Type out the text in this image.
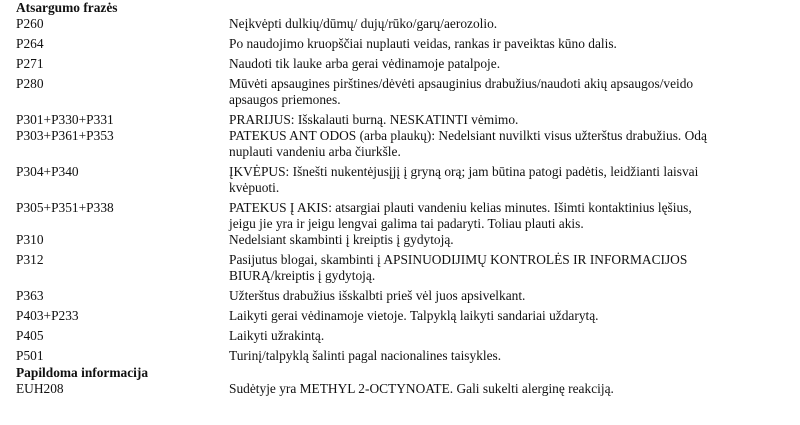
Atsargumo frazės
P260	Neįkvėpti dulkių/dūmų/ dujų/rūko/garų/aerozolio.
P264	Po naudojimo kruopščiai nuplauti veidas, rankas ir paveiktas kūno dalis.
P271	Naudoti tik lauke arba gerai vėdinamoje patalpoje.
P280	Mūvėti apsaugines pirštines/dėvėti apsauginius drabužius/naudoti akių apsaugos/veido
apsaugos priemones.
P301+P330+P331	PRARIJUS: Išskalauti burną. NESKATINTI vėmimo.
P303+P361+P353	PATEKUS ANT ODOS (arba plaukų): Nedelsiant nuvilkti visus užterštus drabužius. Odą
nuplauti vandeniu arba čiurkšle.
P304+P340	ĮKVĖPUS: Išnešti nukentėjusįjį į gryną orą; jam būtina patogi padėtis, leidžianti laisvai
kvėpuoti.
P305+P351+P338	PATEKUS Į AKIS: atsargiai plauti vandeniu kelias minutes. Išimti kontaktinius lęšius,
jeigu jie yra ir jeigu lengvai galima tai padaryti. Toliau plauti akis.
P310	Nedelsiant skambinti į kreiptis į gydytoją.
P312	Pasijutus blogai, skambinti į APSINUODIJIMŲ KONTROLĖS IR INFORMACIJOS
BIURĄ/kreiptis į gydytoją.
P363	Užterštus drabužius išskalbti prieš vėl juos apsivelkant.
P403+P233	Laikyti gerai vėdinamoje vietoje. Talpyklą laikyti sandariai uždarytą.
P405	Laikyti užrakintą.
P501	Turinį/talpyklą šalinti pagal nacionalines taisykles.
Papildoma informacija
EUH208	Sudėtyje yra METHYL 2-OCTYNOATE. Gali sukelti alerginę reakciją.
